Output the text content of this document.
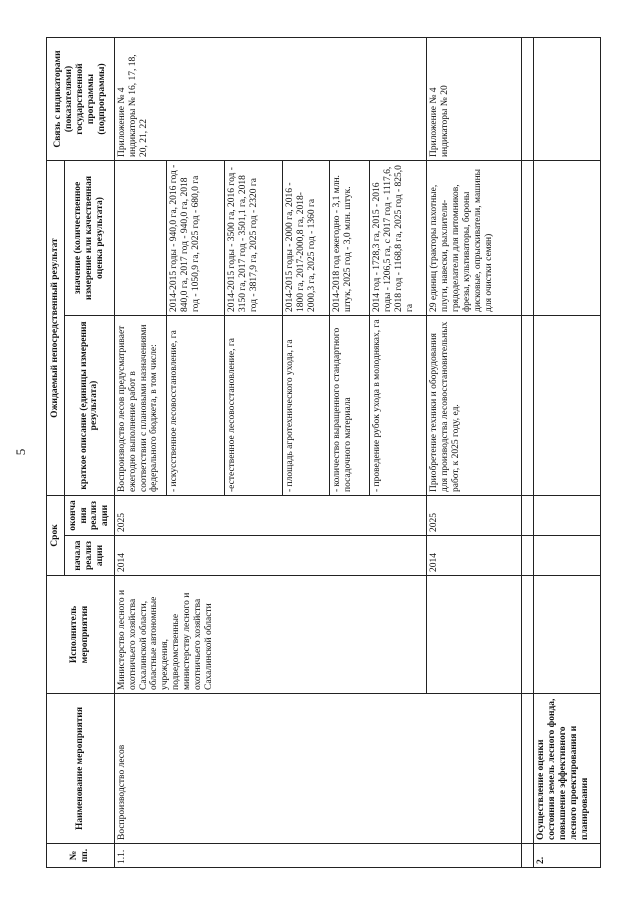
5
№ пп.	Наименование мероприятия	Исполнитель мероприятия	Срок		Ожидаемый непосредственный результат		Связь с индикаторами (показателями) государственной программы (подпрограммы)
			начала реализации	окончания реализации	краткое описание (единицы измерения результата)	значение (количественное измерение или качественная оценка результата)	
1.1.	Воспроизводство лесов	Министерство лесного и охотничьего хозяйства Сахалинской области, областные автономные учреждения, подведомственные министерству лесного и охотничьего хозяйства Сахалинской области	2014	2025	Воспроизводство лесов предусматривает ежегодно выполнение работ в соответствии с плановыми назначениями федерального бюджета, в том числе:		Приложение № 4 индикаторы № 16, 17, 18, 20, 21, 22
					- искусственное лесовосстановление, га	2014-2015 годы - 940,0 га, 2016 год - 840,0 га, 2017 год - 940,0 га, 2018 год - 1050,9 га, 2025 год - 680,0 га	
					-естественное лесовосстановление, га	2014-2015 годы - 3500 га, 2016 год - 3150 га, 2017 год - 3501,1 га, 2018 год - 3817,9 га, 2025 год - 2320 га	
					- площадь агротехнического ухода, га	2014-2015 годы - 2000 га, 2016 - 1800 га, 2017-2000,8 га, 2018- 2000,3 га, 2025 год - 1360 га	
					- количество выращенного стандартного посадочного материала	2014-2018 год ежегодно - 3,1 млн. штук, 2025 год - 3,0 млн. штук.	
					- проведение рубок ухода в молодняках, га	2014 год - 1728,3 га, 2015 - 2016 годы - 1206,5 га, с 2017 год - 1117,6, 2018 год - 1168,8 га, 2025 год - 825,0 га	
			2014	2025	Приобретение техники и оборудования для производства лесовосстановительных работ, к 2025 году, ед.	29 единиц (тракторы пахотные, плуги, навески, рыхлители-грядоделатели для питомников, фрезы, культиваторы, бороны дисковые, опрыскиватели, машины для очистки семян)	Приложение № 4 индикаторы № 20

2.	Осуществление оценки состояния земель лесного фонда, повышение эффективного лесного проектирования и планирования						
